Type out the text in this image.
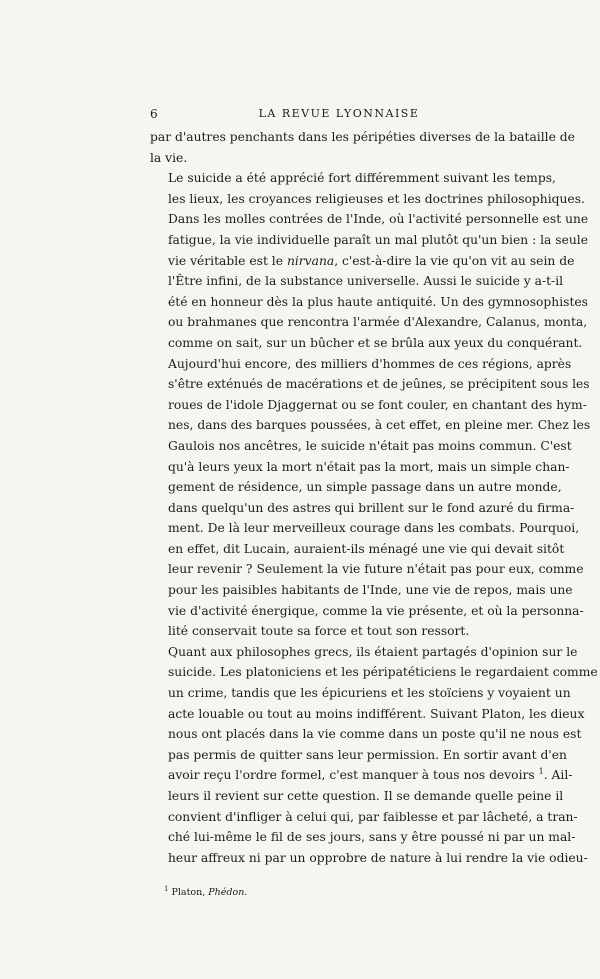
6	LA REVUE LYONNAISE

par d'autres penchants dans les péripéties diverses de la bataille de
la vie.

Le suicide a été apprécié fort différemment suivant les temps,
les lieux, les croyances religieuses et les doctrines philosophiques.
Dans les molles contrées de l'Inde, où l'activité personnelle est une
fatigue, la vie individuelle paraît un mal plutôt qu'un bien : la seule
vie véritable est le nirvana, c'est-à-dire la vie qu'on vit au sein de
l'Être infini, de la substance universelle. Aussi le suicide y a-t-il
été en honneur dès la plus haute antiquité. Un des gymnosophistes
ou brahmanes que rencontra l'armée d'Alexandre, Calanus, monta,
comme on sait, sur un bûcher et se brûla aux yeux du conquérant.
Aujourd'hui encore, des milliers d'hommes de ces régions, après
s'être exténués de macérations et de jeûnes, se précipitent sous les
roues de l'idole Djaggernat ou se font couler, en chantant des hym-
nes, dans des barques poussées, à cet effet, en pleine mer. Chez les
Gaulois nos ancêtres, le suicide n'était pas moins commun. C'est
qu'à leurs yeux la mort n'était pas la mort, mais un simple chan-
gement de résidence, un simple passage dans un autre monde,
dans quelqu'un des astres qui brillent sur le fond azuré du firma-
ment. De là leur merveilleux courage dans les combats. Pourquoi,
en effet, dit Lucain, auraient-ils ménagé une vie qui devait sitôt
leur revenir ? Seulement la vie future n'était pas pour eux, comme
pour les paisibles habitants de l'Inde, une vie de repos, mais une
vie d'activité énergique, comme la vie présente, et où la personna-
lité conservait toute sa force et tout son ressort.

Quant aux philosophes grecs, ils étaient partagés d'opinion sur le
suicide. Les platoniciens et les péripatéticiens le regardaient comme
un crime, tandis que les épicuriens et les stoïciens y voyaient un
acte louable ou tout au moins indifférent. Suivant Platon, les dieux
nous ont placés dans la vie comme dans un poste qu'il ne nous est
pas permis de quitter sans leur permission. En sortir avant d'en
avoir reçu l'ordre formel, c'est manquer à tous nos devoirs $^1$. Ail-
leurs il revient sur cette question. Il se demande quelle peine il
convient d'infliger à celui qui, par faiblesse et par lâcheté, a tran-
ché lui-même le fil de ses jours, sans y être poussé ni par un mal-
heur affreux ni par un opprobre de nature à lui rendre la vie odieu-

$^1$ Platon, Phédon.
